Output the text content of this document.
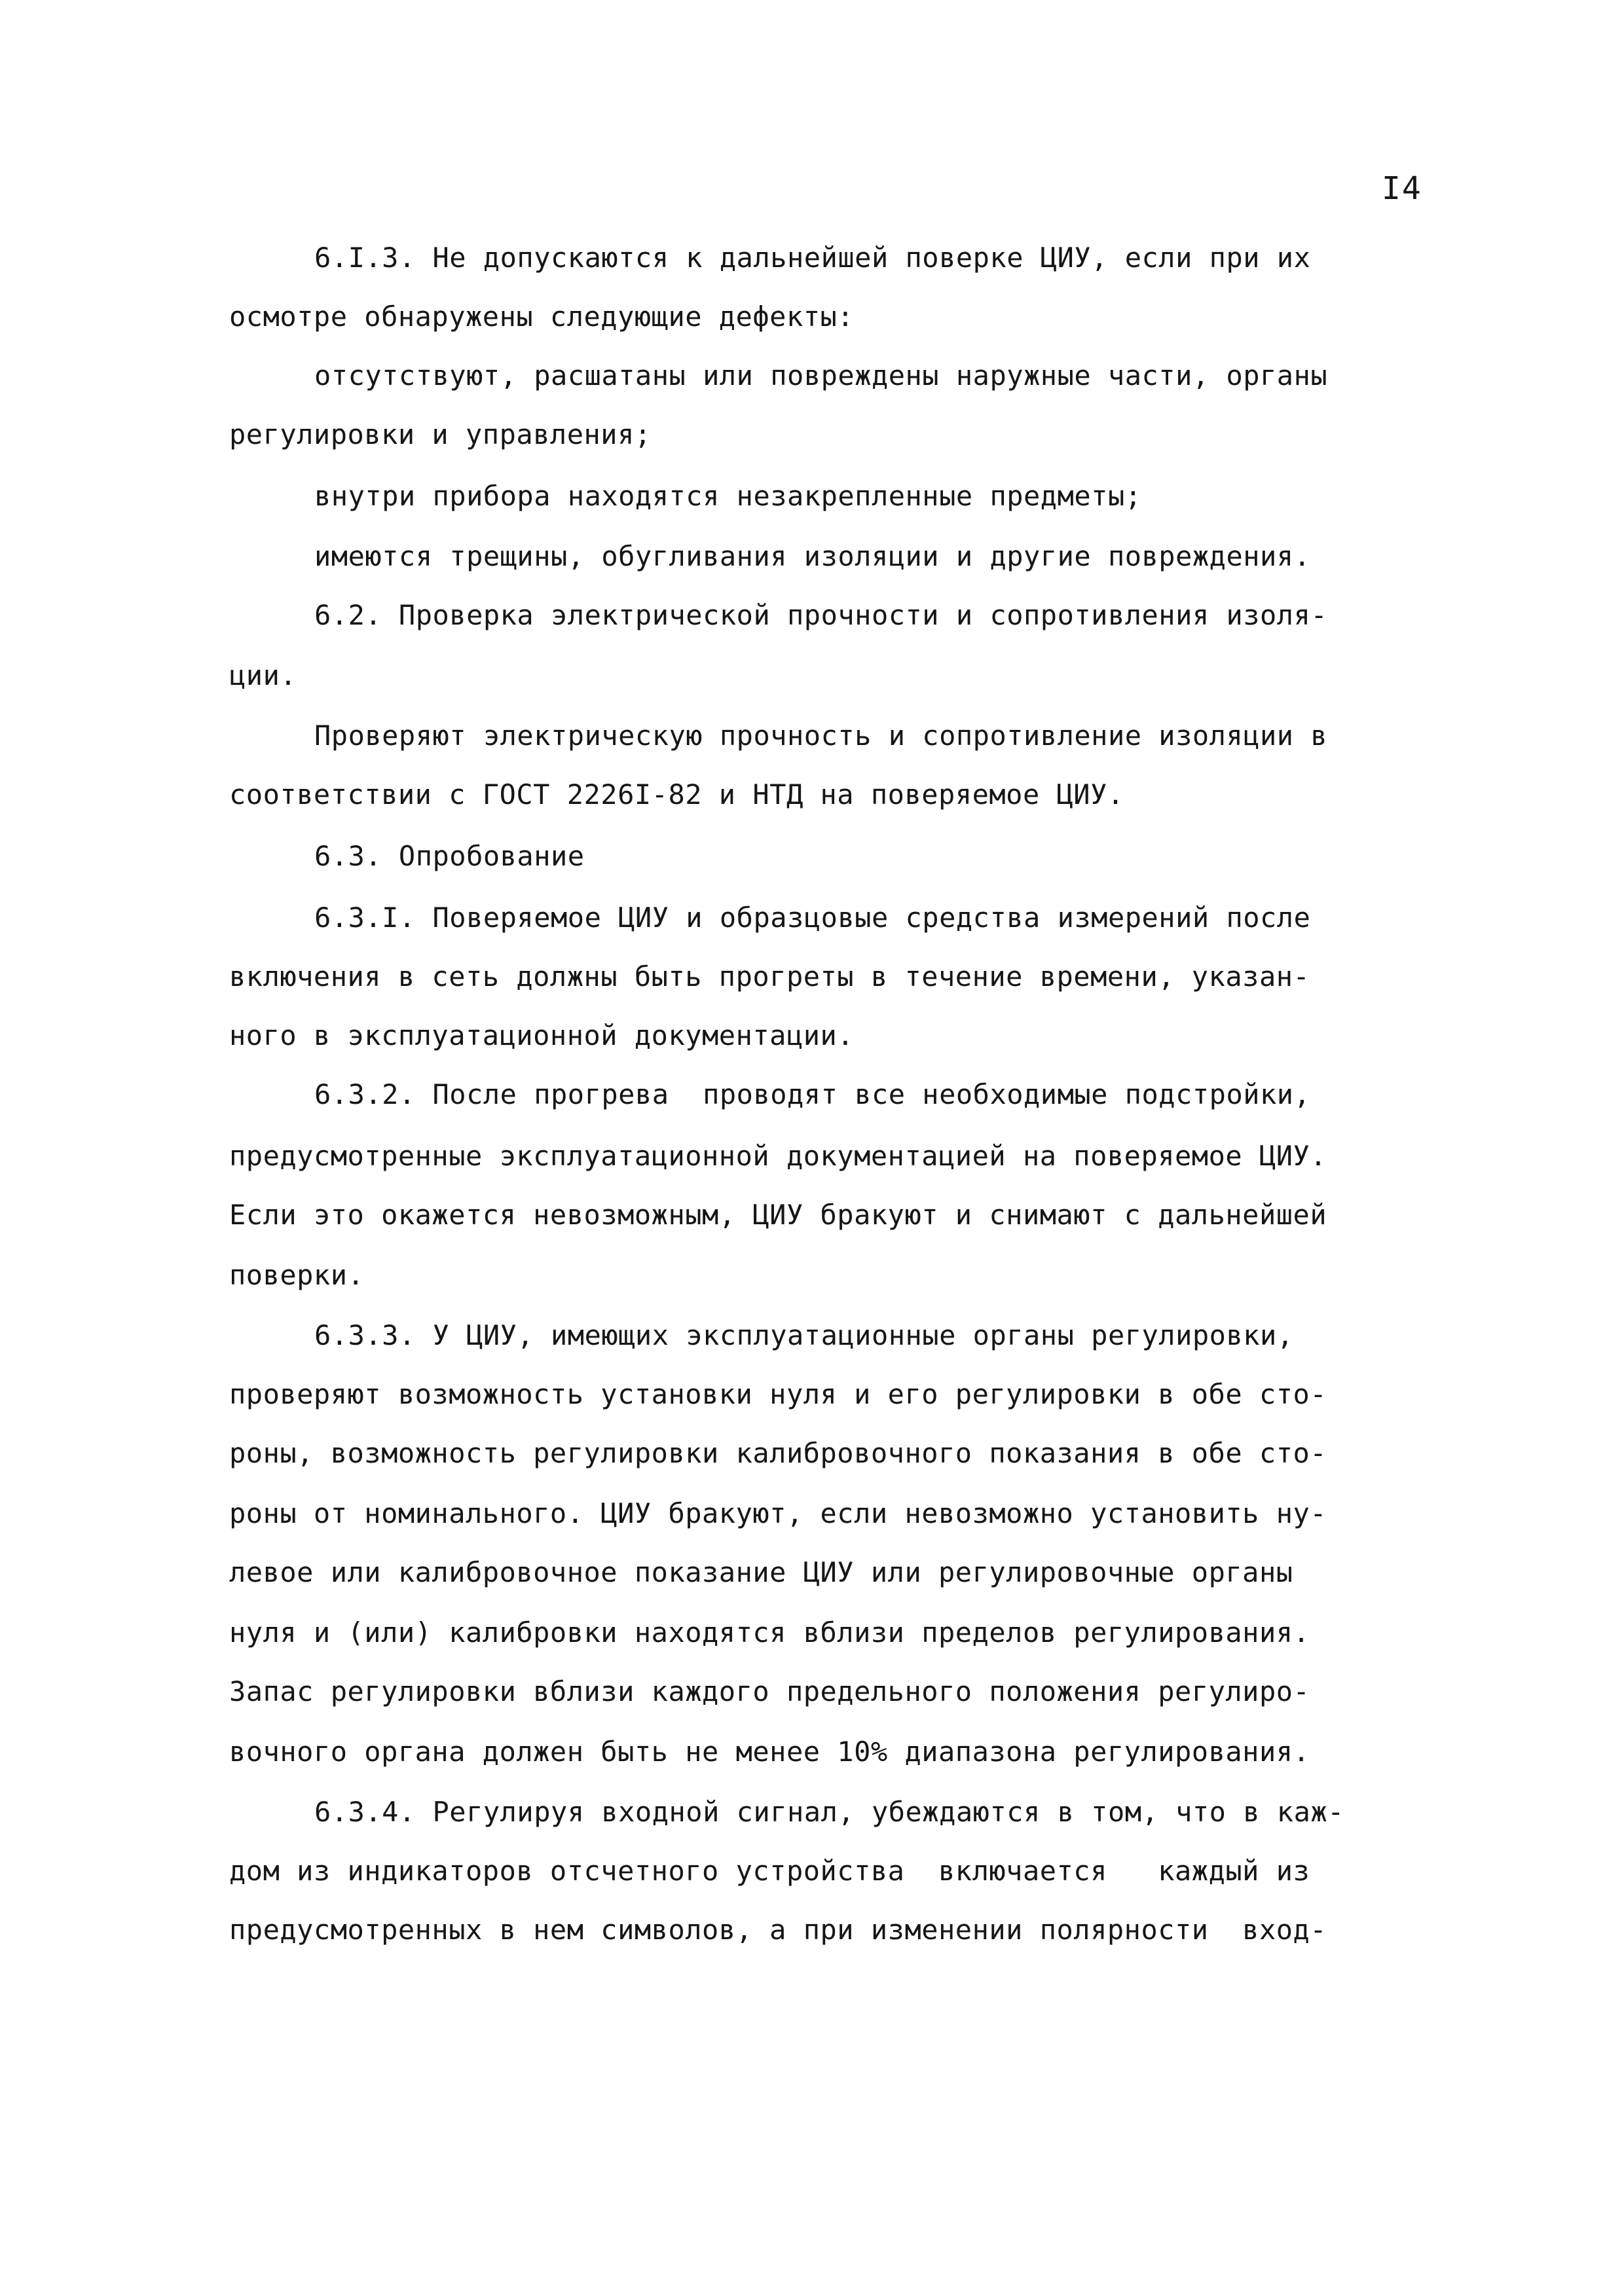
I4

6.I.3. Не допускаются к дальнейшей поверке ЦИУ, если при их

осмотре обнаружены следующие дефекты:

отсутствуют, расшатаны или повреждены наружные части, органы

регулировки и управления;

внутри прибора находятся незакрепленные предметы;

имеются трещины, обугливания изоляции и другие повреждения.

6.2. Проверка электрической прочности и сопротивления изоля-

ции.

Проверяют электрическую прочность и сопротивление изоляции в

соответствии с ГОСТ 2226I-82 и НТД на поверяемое ЦИУ.

6.3. Опробование

6.3.I. Поверяемое ЦИУ и образцовые средства измерений после

включения в сеть должны быть прогреты в течение времени, указан-

ного в эксплуатационной документации.

6.3.2. После прогрева  проводят все необходимые подстройки,

предусмотренные эксплуатационной документацией на поверяемое ЦИУ.

Если это окажется невозможным, ЦИУ бракуют и снимают с дальнейшей

поверки.

6.3.3. У ЦИУ, имеющих эксплуатационные органы регулировки,

проверяют возможность установки нуля и его регулировки в обе сто-

роны, возможность регулировки калибровочного показания в обе сто-

роны от номинального. ЦИУ бракуют, если невозможно установить ну-

левое или калибровочное показание ЦИУ или регулировочные органы

нуля и (или) калибровки находятся вблизи пределов регулирования.

Запас регулировки вблизи каждого предельного положения регулиро-

вочного органа должен быть не менее 10% диапазона регулирования.

6.3.4. Регулируя входной сигнал, убеждаются в том, что в каж-

дом из индикаторов отсчетного устройства  включается   каждый из

предусмотренных в нем символов, а при изменении полярности  вход-
